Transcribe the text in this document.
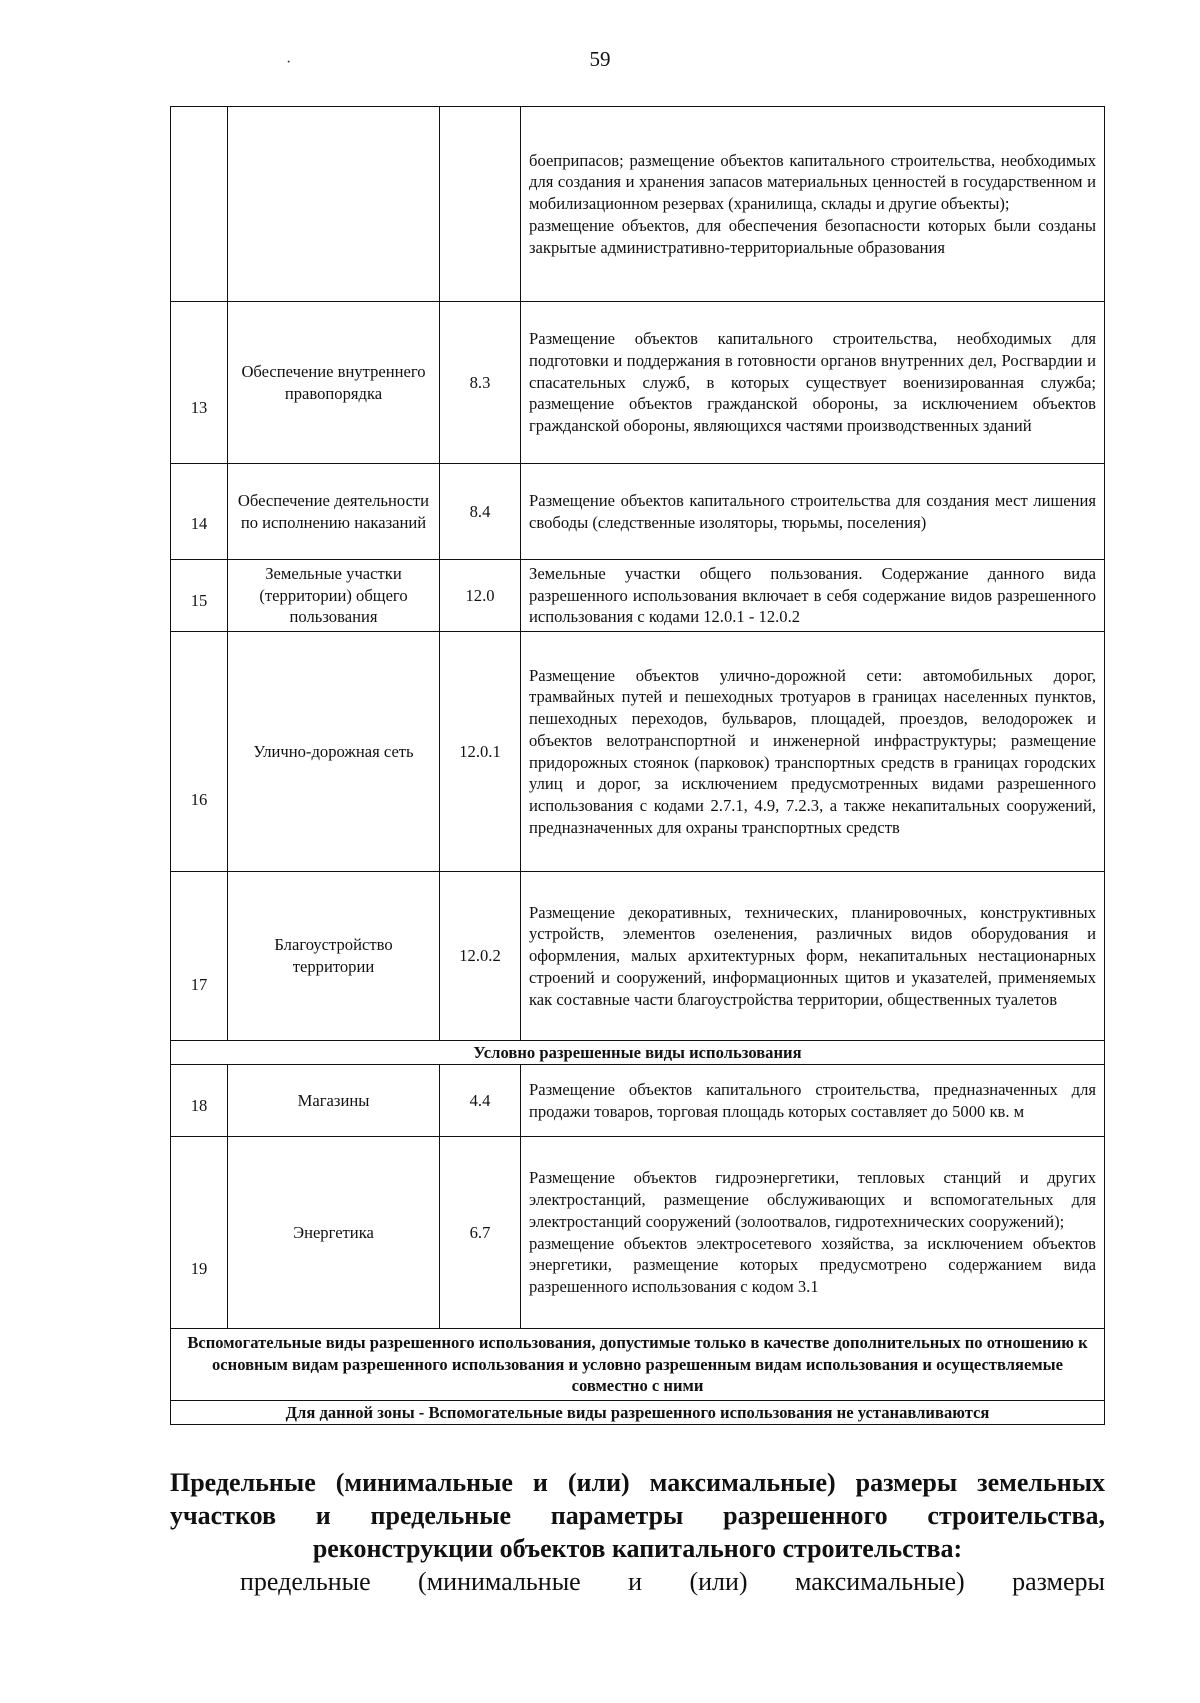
59
·

			боеприпасов; размещение объектов капитального строительства, необходимых для создания и хранения запасов материальных ценностей в государственном и мобилизационном резервах (хранилища, склады и другие объекты);

размещение объектов, для обеспечения безопасности которых были созданы закрытые административно-территориальные образования

13	Обеспечение внутреннего правопорядка	8.3	Размещение объектов капитального строительства, необходимых для подготовки и поддержания в готовности органов внутренних дел, Росгвардии и спасательных служб, в которых существует военизированная служба; размещение объектов гражданской обороны, за исключением объектов гражданской обороны, являющихся частями производственных зданий

14	Обеспечение деятельности по исполнению наказаний	8.4	Размещение объектов капитального строительства для создания мест лишения свободы (следственные изоляторы, тюрьмы, поселения)

15	Земельные участки (территории) общего пользования	12.0	Земельные участки общего пользования. Содержание данного вида разрешенного использования включает в себя содержание видов разрешенного использования с кодами 12.0.1 - 12.0.2

16	Улично-дорожная сеть	12.0.1	Размещение объектов улично-дорожной сети: автомобильных дорог, трамвайных путей и пешеходных тротуаров в границах населенных пунктов, пешеходных переходов, бульваров, площадей, проездов, велодорожек и объектов велотранспортной и инженерной инфраструктуры; размещение придорожных стоянок (парковок) транспортных средств в границах городских улиц и дорог, за исключением предусмотренных видами разрешенного использования с кодами 2.7.1, 4.9, 7.2.3, а также некапитальных сооружений, предназначенных для охраны транспортных средств

17	Благоустройство территории	12.0.2	Размещение декоративных, технических, планировочных, конструктивных устройств, элементов озеленения, различных видов оборудования и оформления, малых архитектурных форм, некапитальных нестационарных строений и сооружений, информационных щитов и указателей, применяемых как составные части благоустройства территории, общественных туалетов

Условно разрешенные виды использования			
18	Магазины	4.4	Размещение объектов капитального строительства, предназначенных для продажи товаров, торговая площадь которых составляет до 5000 кв. м

19	Энергетика	6.7	Размещение объектов гидроэнергетики, тепловых станций и других электростанций, размещение обслуживающих и вспомогательных для электростанций сооружений (золоотвалов, гидротехнических сооружений);

размещение объектов электросетевого хозяйства, за исключением объектов энергетики, размещение которых предусмотрено содержанием вида разрешенного использования с кодом 3.1

Вспомогательные виды разрешенного использования, допустимые только в качестве дополнительных по отношению к основным видам разрешенного использования и условно разрешенным видам использования и осуществляемые совместно с ними			
Для данной зоны - Вспомогательные виды разрешенного использования не устанавливаются			
Предельные (минимальные и (или) максимальные) размеры земельных участков и предельные параметры разрешенного строительства, реконструкции объектов капитального строительства:
предельные (минимальные и (или) максимальные) размеры
